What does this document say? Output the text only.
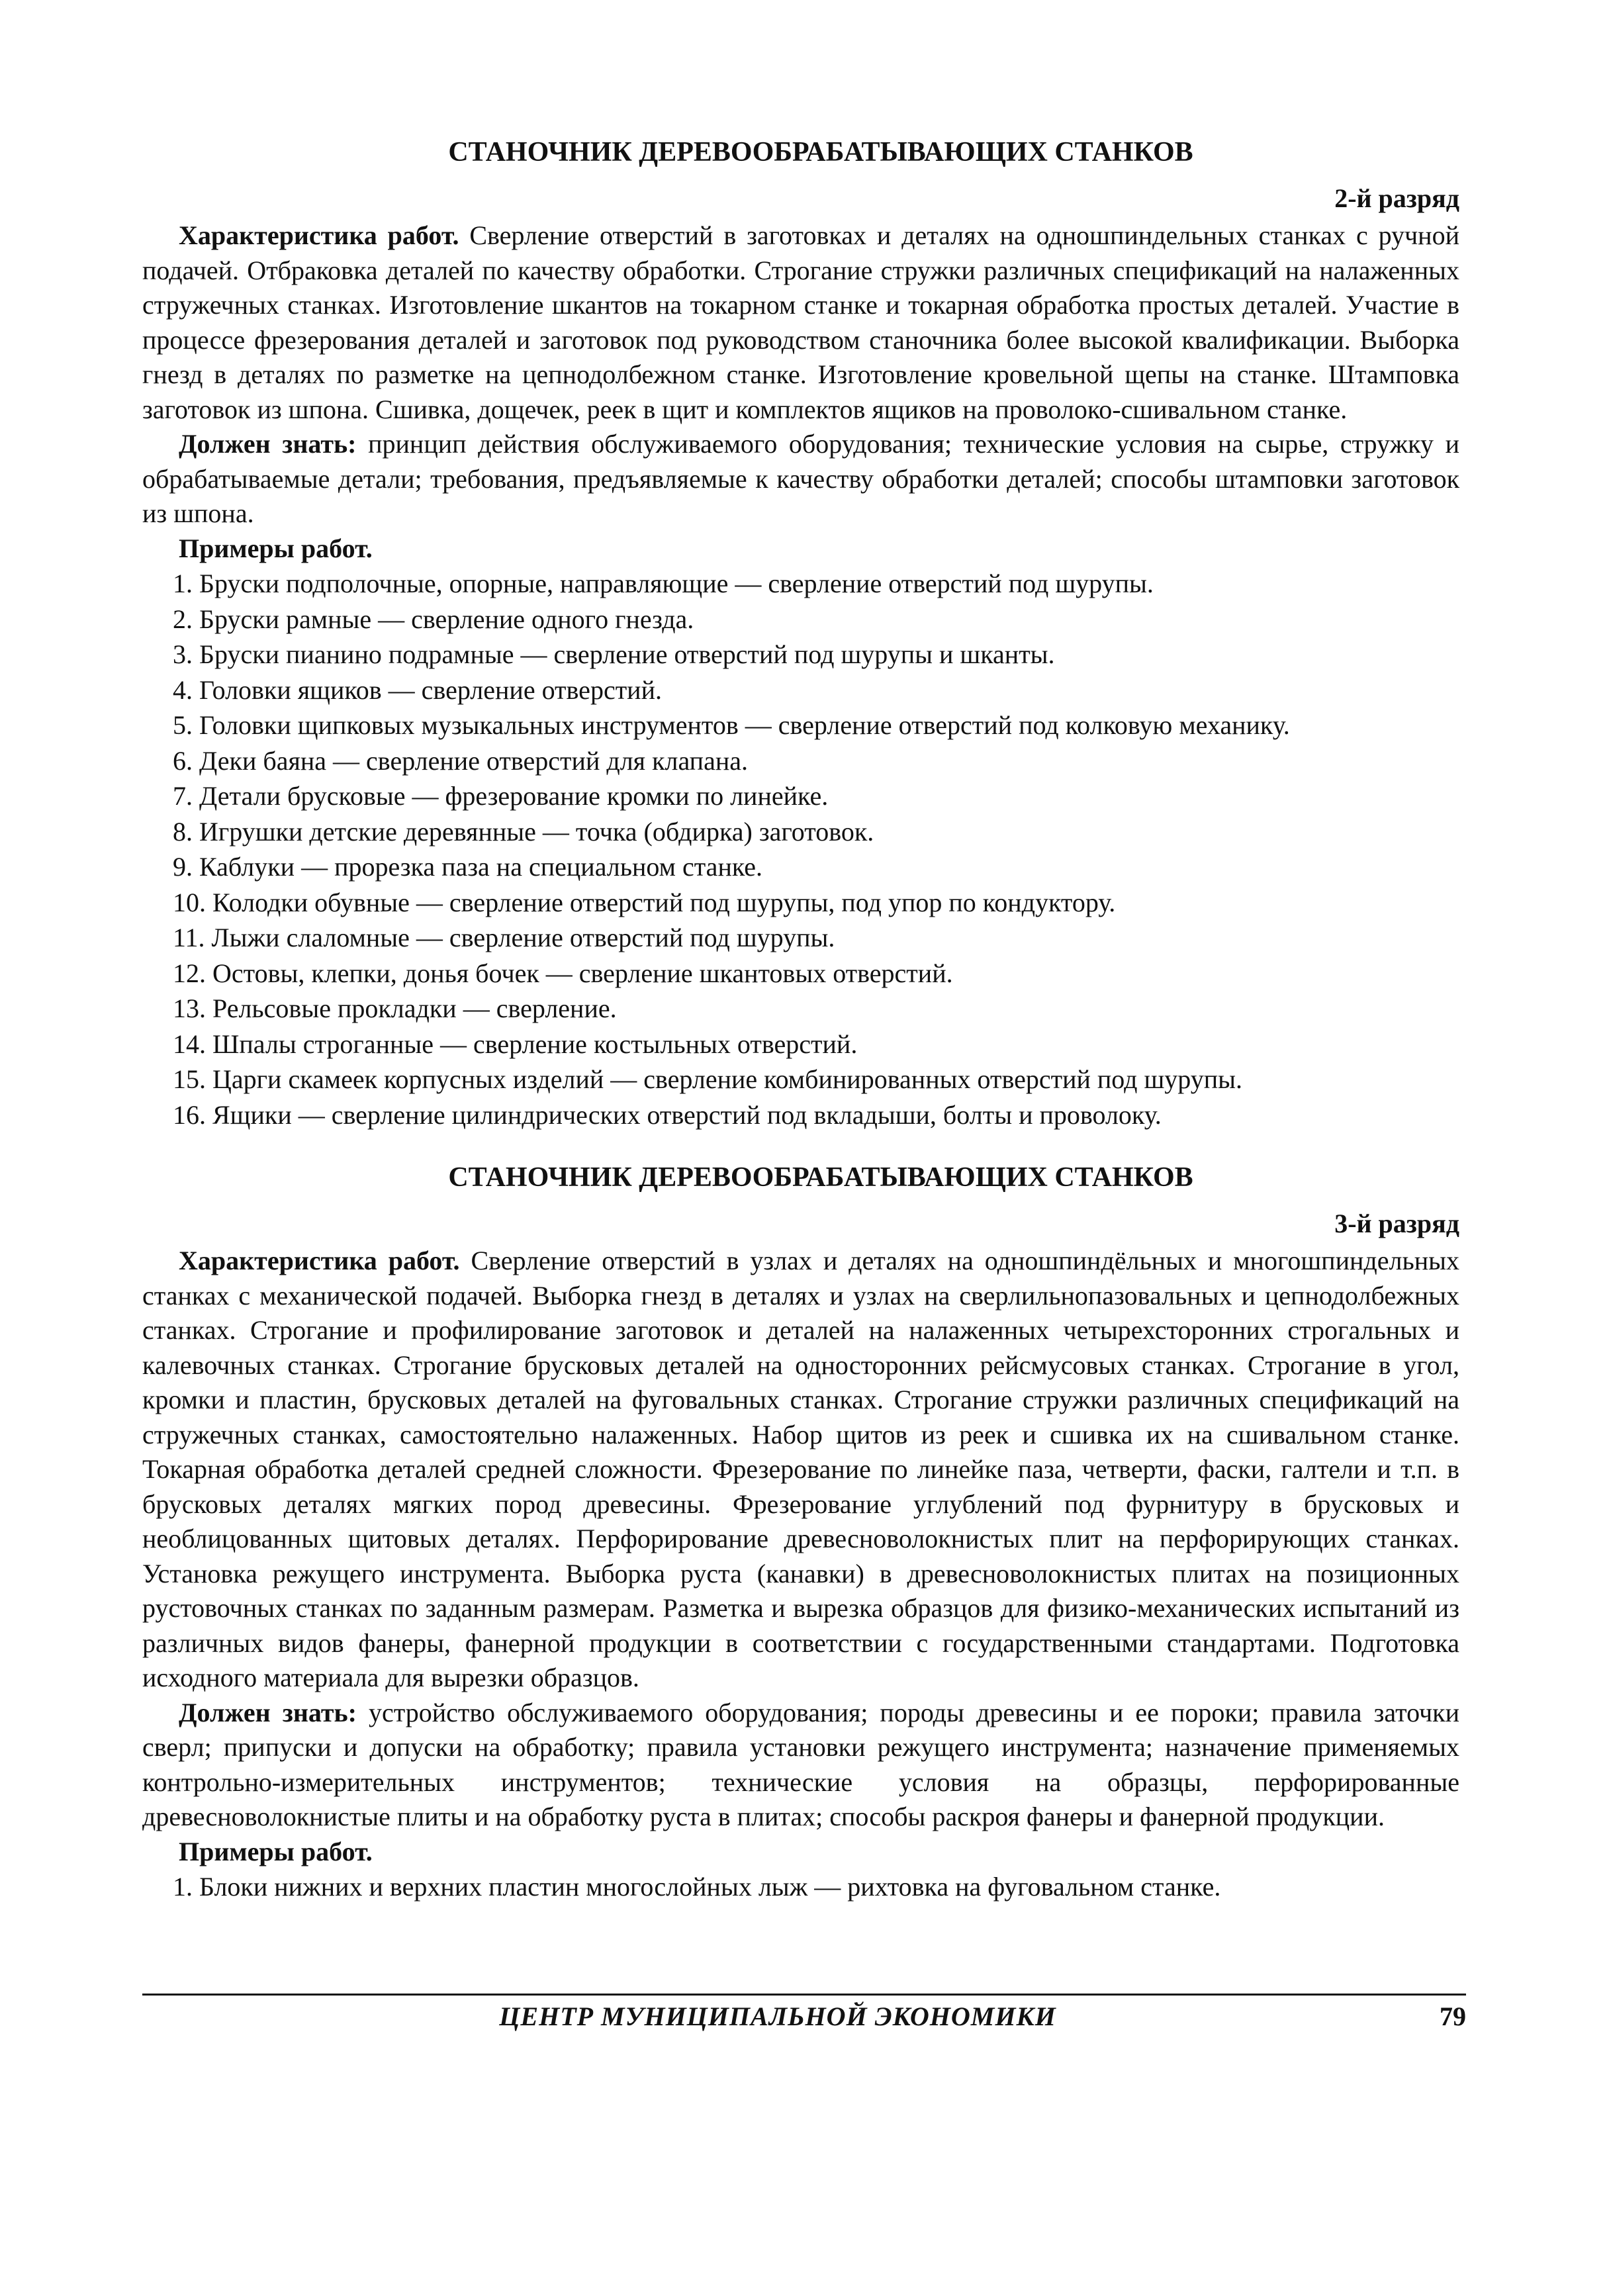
СТАНОЧНИК ДЕРЕВООБРАБАТЫВАЮЩИХ СТАНКОВ
2-й разряд

Характеристика работ. Сверление отверстий в заготовках и деталях на одношпиндельных станках с ручной подачей. Отбраковка деталей по качеству обработки. Строгание стружки различных спецификаций на налаженных стружечных станках. Изготовление шкантов на токарном станке и токарная обработка простых деталей. Участие в процессе фрезерования деталей и заготовок под руководством станочника более высокой квалификации. Выборка гнезд в деталях по разметке на цепнодолбежном станке. Изготовление кровельной щепы на станке. Штамповка заготовок из шпона. Сшивка, дощечек, реек в щит и комплектов ящиков на проволоко-сшивальном станке.

Должен знать: принцип действия обслуживаемого оборудования; технические условия на сырье, стружку и обрабатываемые детали; требования, предъявляемые к качеству обработки деталей; способы штамповки заготовок из шпона.

Примеры работ.
1. Бруски подполочные, опорные, направляющие — сверление отверстий под шурупы.
2. Бруски рамные — сверление одного гнезда.
3. Бруски пианино подрамные — сверление отверстий под шурупы и шканты.
4. Головки ящиков — сверление отверстий.
5. Головки щипковых музыкальных инструментов — сверление отверстий под колковую механику.
6. Деки баяна — сверление отверстий для клапана.
7. Детали брусковые — фрезерование кромки по линейке.
8. Игрушки детские деревянные — точка (обдирка) заготовок.
9. Каблуки — прорезка паза на специальном станке.
10. Колодки обувные — сверление отверстий под шурупы, под упор по кондуктору.
11. Лыжи слаломные — сверление отверстий под шурупы.
12. Остовы, клепки, донья бочек — сверление шкантовых отверстий.
13. Рельсовые прокладки — сверление.
14. Шпалы строганные — сверление костыльных отверстий.
15. Царги скамеек корпусных изделий — сверление комбинированных отверстий под шурупы.
16. Ящики — сверление цилиндрических отверстий под вкладыши, болты и проволоку.
СТАНОЧНИК ДЕРЕВООБРАБАТЫВАЮЩИХ СТАНКОВ
3-й разряд

Характеристика работ. Сверление отверстий в узлах и деталях на одношпиндёльных и многошпиндельных станках с механической подачей. Выборка гнезд в деталях и узлах на сверлильнопазовальных и цепнодолбежных станках. Строгание и профилирование заготовок и деталей на налаженных четырехсторонних строгальных и калевочных станках. Строгание брусковых деталей на односторонних рейсмусовых станках. Строгание в угол, кромки и пластин, брусковых деталей на фуговальных станках. Строгание стружки различных спецификаций на стружечных станках, самостоятельно налаженных. Набор щитов из реек и сшивка их на сшивальном станке. Токарная обработка деталей средней сложности. Фрезерование по линейке паза, четверти, фаски, галтели и т.п. в брусковых деталях мягких пород древесины. Фрезерование углублений под фурнитуру в брусковых и необлицованных щитовых деталях. Перфорирование древесноволокнистых плит на перфорирующих станках. Установка режущего инструмента. Выборка руста (канавки) в древесноволокнистых плитах на позиционных рустовочных станках по заданным размерам. Разметка и вырезка образцов для физико-механических испытаний из различных видов фанеры, фанерной продукции в соответствии с государственными стандартами. Подготовка исходного материала для вырезки образцов.

Должен знать: устройство обслуживаемого оборудования; породы древесины и ее пороки; правила заточки сверл; припуски и допуски на обработку; правила установки режущего инструмента; назначение применяемых контрольно-измерительных инструментов; технические условия на образцы, перфорированные древесноволокнистые плиты и на обработку руста в плитах; способы раскроя фанеры и фанерной продукции.

Примеры работ.
1. Блоки нижних и верхних пластин многослойных лыж — рихтовка на фуговальном станке.
ЦЕНТР МУНИЦИПАЛЬНОЙ ЭКОНОМИКИ	79
